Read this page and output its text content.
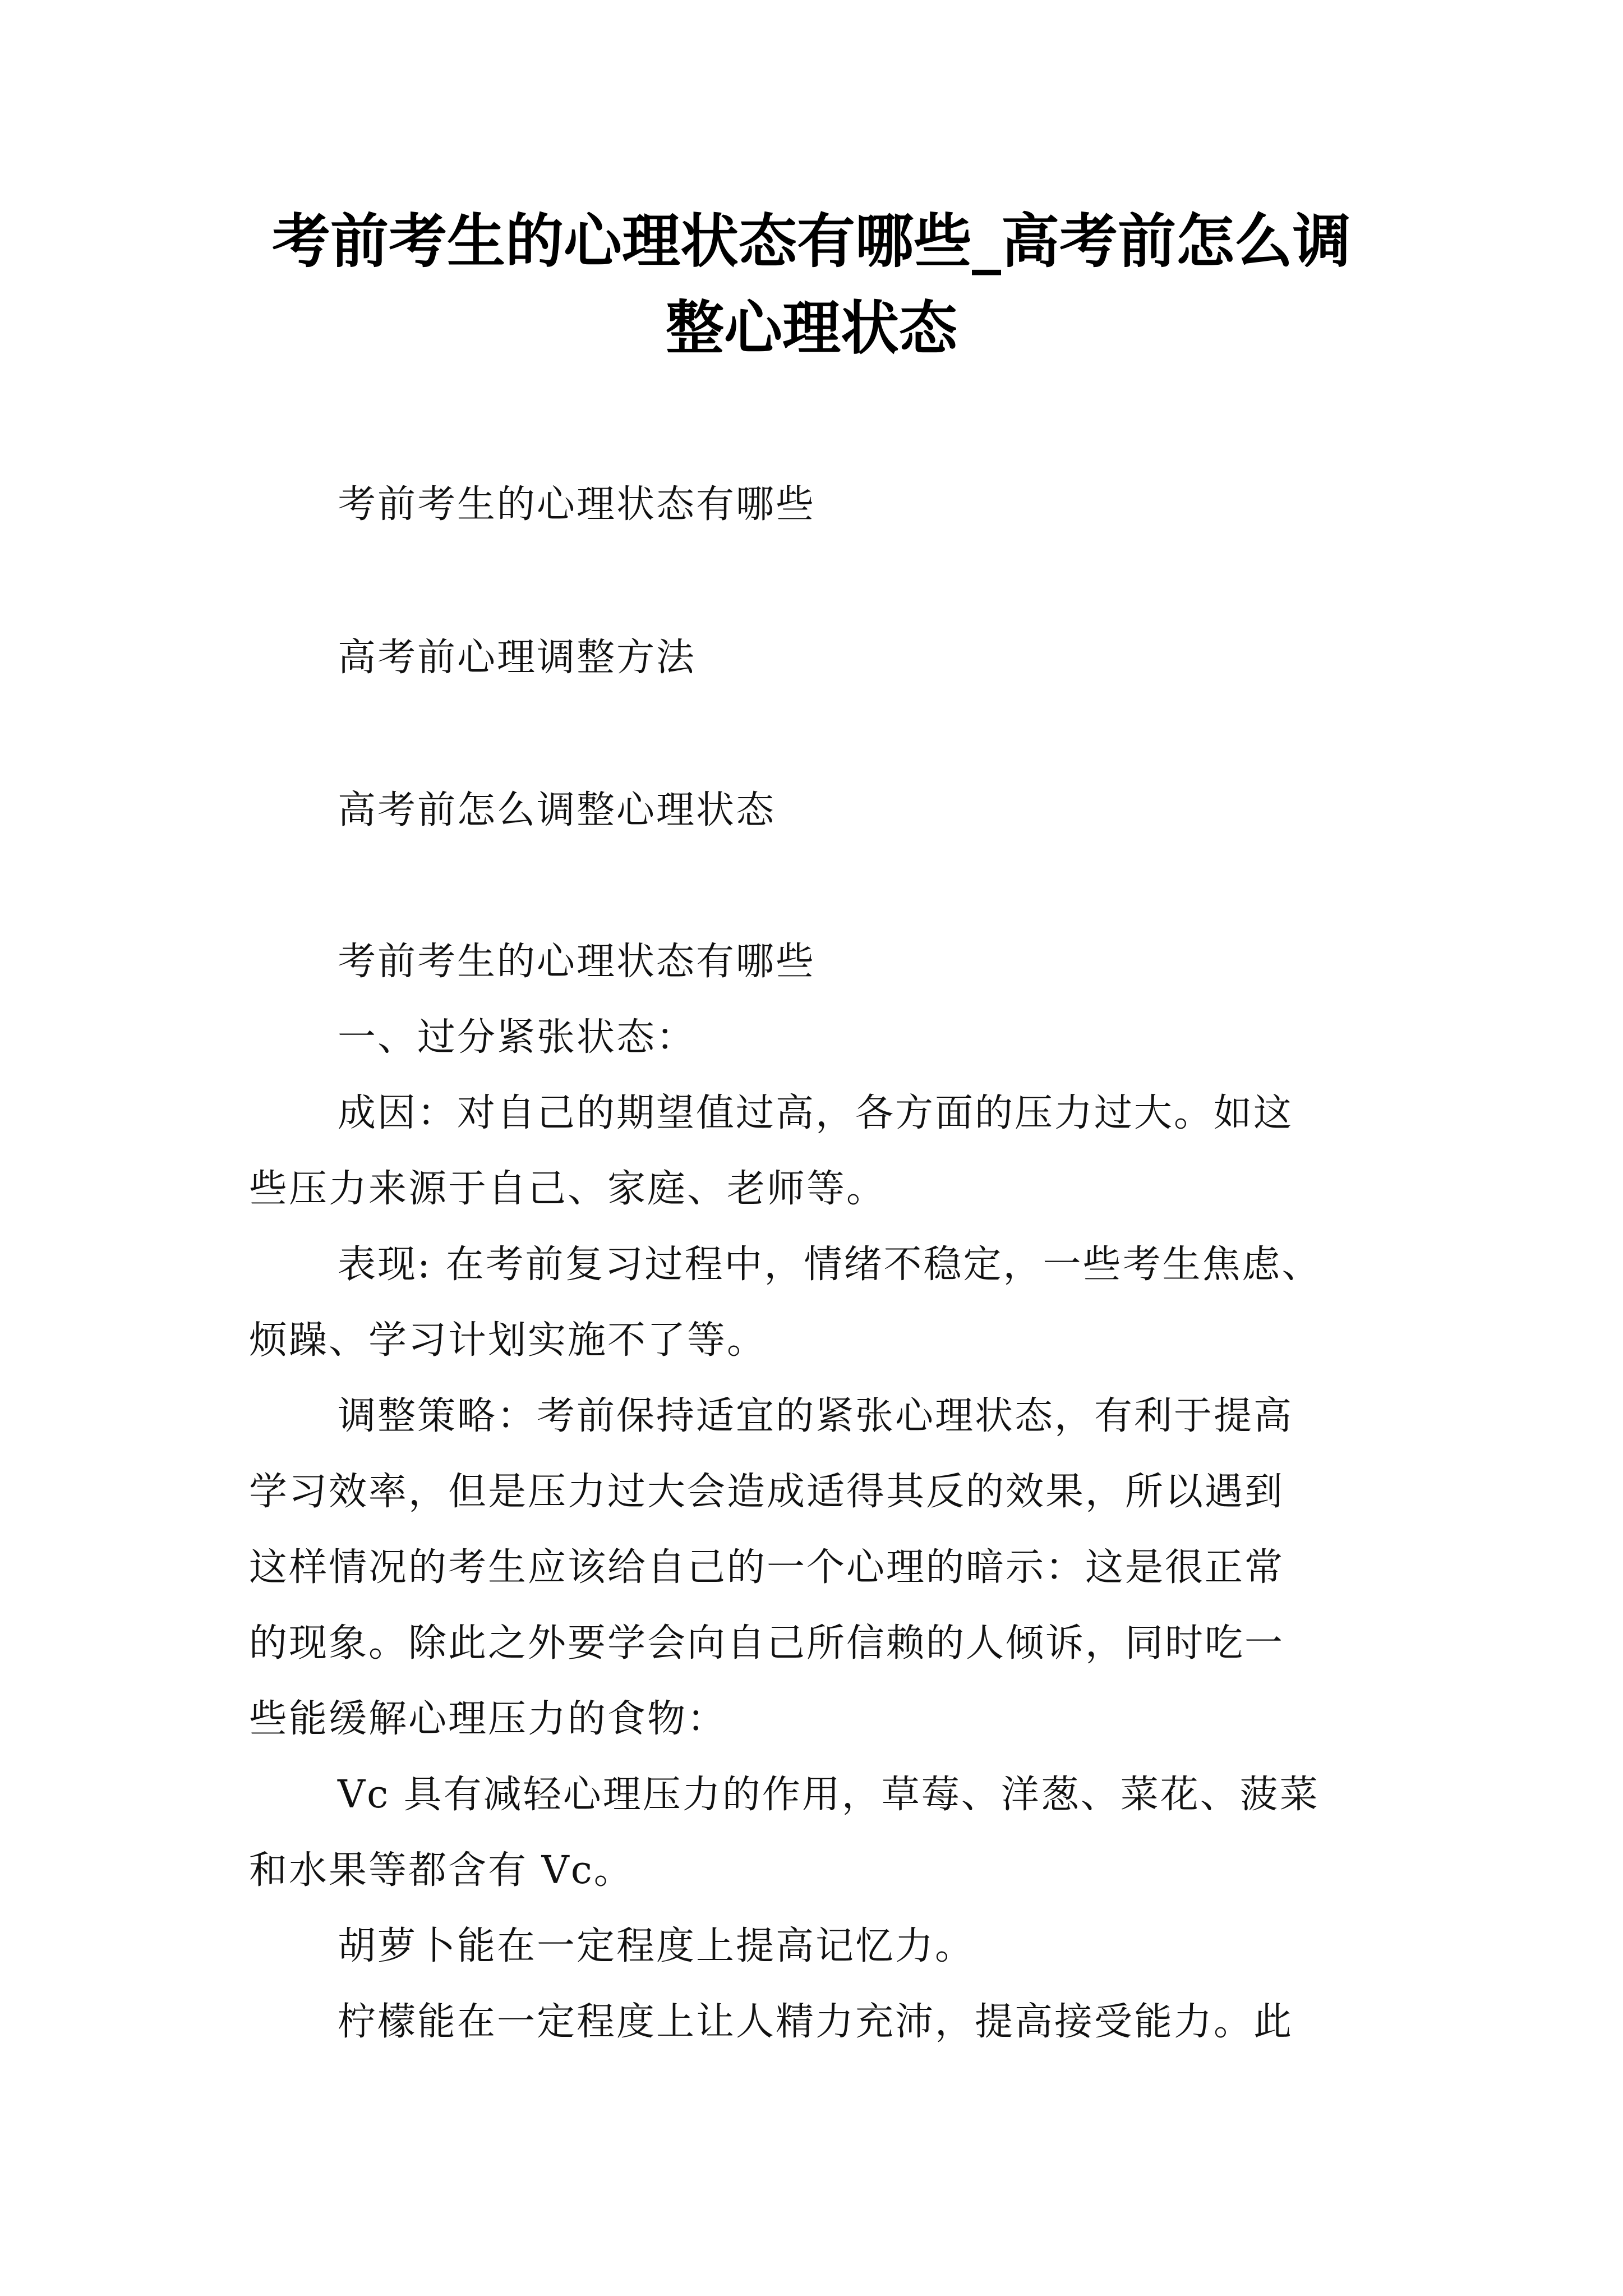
考前考生的心理状态有哪些_高考前怎么调
整心理状态

考前考生的心理状态有哪些

高考前心理调整方法

高考前怎么调整心理状态

考前考生的心理状态有哪些

一、过分紧张状态：

成因：对自己的期望值过高，各方面的压力过大。如这

些压力来源于自己、家庭、老师等。

表现: 在考前复习过程中，情绪不稳定，一些考生焦虑、

烦躁、学习计划实施不了等。

调整策略：考前保持适宜的紧张心理状态，有利于提高

学习效率，但是压力过大会造成适得其反的效果，所以遇到

这样情况的考生应该给自己的一个心理的暗示：这是很正常

的现象。除此之外要学会向自己所信赖的人倾诉，同时吃一

些能缓解心理压力的食物：

Vc 具有减轻心理压力的作用，草莓、洋葱、菜花、菠菜

和水果等都含有 Vc。

胡萝卜能在一定程度上提高记忆力。

柠檬能在一定程度上让人精力充沛，提高接受能力。此
